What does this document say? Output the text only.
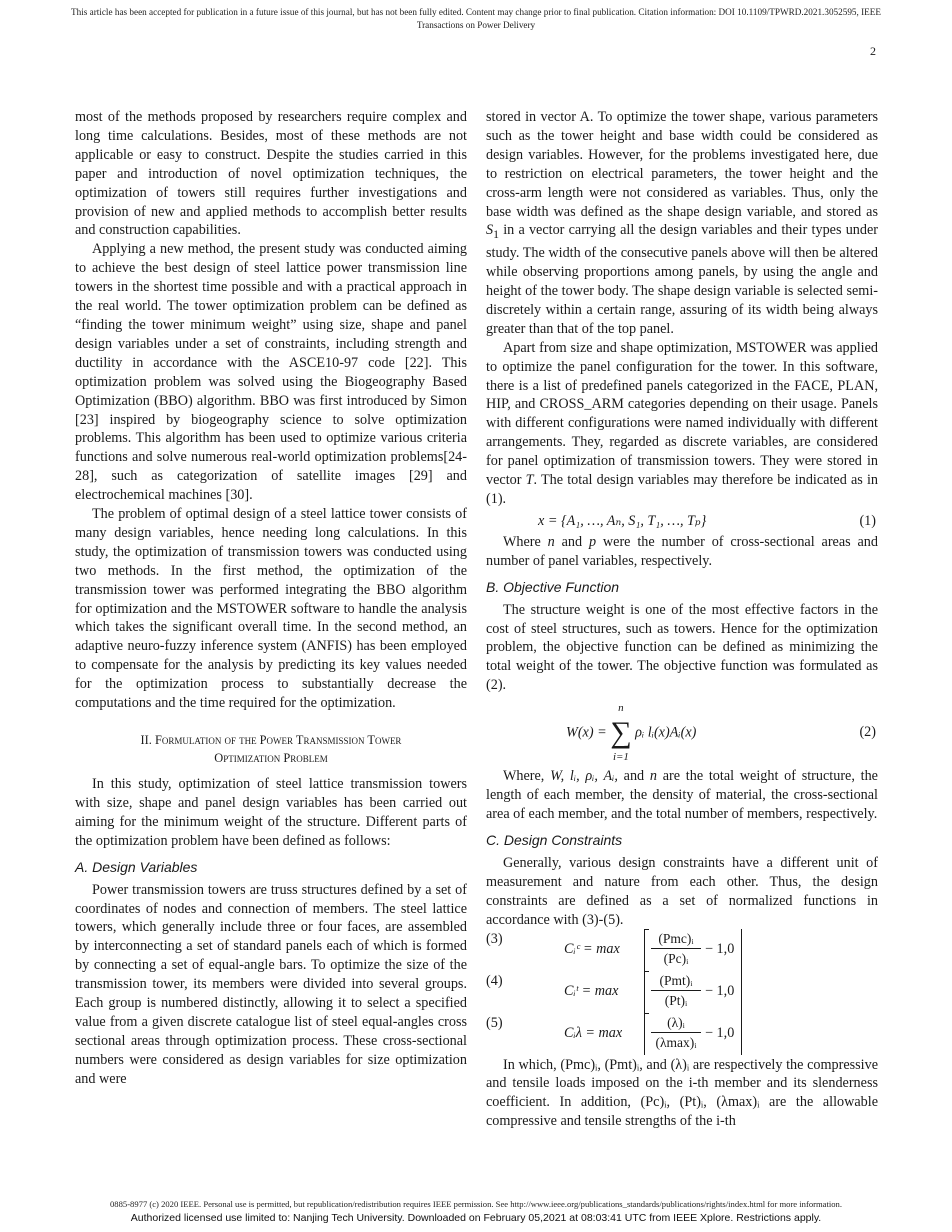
This article has been accepted for publication in a future issue of this journal, but has not been fully edited. Content may change prior to final publication. Citation information: DOI 10.1109/TPWRD.2021.3052595, IEEE
Transactions on Power Delivery
2

most of the methods proposed by researchers require complex and long time calculations. Besides, most of these methods are not applicable or easy to construct. Despite the studies carried in this paper and introduction of novel optimization techniques, the optimization of towers still requires further investigations and provision of new and applied methods to accomplish better results and construction capabilities.

Applying a new method, the present study was conducted aiming to achieve the best design of steel lattice power transmission line towers in the shortest time possible and with a practical approach in the real world. The tower optimization problem can be defined as “finding the tower minimum weight” using size, shape and panel design variables under a set of constraints, including strength and ductility in accordance with the ASCE10-97 code [22]. This optimization problem was solved using the Biogeography Based Optimization (BBO) algorithm. BBO was first introduced by Simon [23] inspired by biogeography science to solve optimization problems. This algorithm has been used to optimize various criteria functions and solve numerous real-world optimization problems[24-28], such as categorization of satellite images [29] and electrochemical machines [30].

The problem of optimal design of a steel lattice tower consists of many design variables, hence needing long calculations. In this study, the optimization of transmission towers was conducted using two methods. In the first method, the optimization of the transmission tower was performed integrating the BBO algorithm for optimization and the MSTOWER software to handle the analysis which takes the significant overall time. In the second method, an adaptive neuro-fuzzy inference system (ANFIS) has been employed to compensate for the analysis by predicting its key values needed for the optimization process to substantially decrease the computations and the time required for the optimization.

II. Formulation of the Power Transmission Tower
Optimization Problem

In this study, optimization of steel lattice transmission towers with size, shape and panel design variables has been carried out aiming for the minimum weight of the structure. Different parts of the optimization problem have been defined as follows:

A. Design Variables

Power transmission towers are truss structures defined by a set of coordinates of nodes and connection of members. The steel lattice towers, which generally include three or four faces, are assembled by interconnecting a set of standard panels each of which is formed by connecting a set of equal-angle bars. To optimize the size of the transmission tower, its members were divided into several groups. Each group is numbered distinctly, allowing it to select a specified value from a given discrete catalogue list of steel equal-angles cross sectional areas through optimization process. These cross-sectional numbers were considered as design variables for size optimization and were

stored in vector A. To optimize the tower shape, various parameters such as the tower height and base width could be considered as design variables. However, for the problems investigated here, due to restriction on electrical parameters, the tower height and the cross-arm length were not considered as variables. Thus, only the base width was defined as the shape design variable, and stored as $S_1$ in a vector carrying all the design variables and their types under study. The width of the consecutive panels above will then be altered while observing proportions among panels, by using the angle and height of the tower body. The shape design variable is selected semi-discretely within a certain range, assuring of its width being always greater than that of the top panel.

Apart from size and shape optimization, MSTOWER was applied to optimize the panel configuration for the tower. In this software, there is a list of predefined panels categorized in the FACE, PLAN, HIP, and CROSS_ARM categories depending on their usage. Panels with different configurations were named individually with different arrangements. They, regarded as discrete variables, are considered for panel optimization of transmission towers. They were stored in vector T. The total design variables may therefore be indicated as in (1).

x = {A₁, …, Aₙ, S₁, T₁, …, Tₚ}	(1)

Where n and p were the number of cross-sectional areas and number of panel variables, respectively.

B. Objective Function

The structure weight is one of the most effective factors in the cost of steel structures, such as towers. Hence for the optimization problem, the objective function can be defined as minimizing the total weight of the tower. The objective function was formulated as (2).

W(x) = n
∑
i=1 ρᵢ lᵢ(x)Aᵢ(x)	(2)

Where, W, lᵢ, ρᵢ, Aᵢ, and n are the total weight of structure, the length of each member, the density of material, the cross-sectional area of each member, and the total number of members, respectively.

C. Design Constraints

Generally, various design constraints have a different unit of measurement and nature from each other. Thus, the design constraints are defined as a set of normalized functions in accordance with (3)-(5).

Cᵢᶜ = max
(Pmc)ᵢ
(Pc)ᵢ
− 1,0
(3)
Cᵢᵗ = max
(Pmt)ᵢ
(Pt)ᵢ
− 1,0
(4)
Cᵢλ = max
(λ)ᵢ
(λmax)ᵢ
− 1,0
(5)

In which, (Pmc)ᵢ, (Pmt)ᵢ, and (λ)ᵢ are respectively the compressive and tensile loads imposed on the i-th member and its slenderness coefficient. In addition, (Pc)ᵢ, (Pt)ᵢ, (λmax)ᵢ are the allowable compressive and tensile strengths of the i-th

0885-8977 (c) 2020 IEEE. Personal use is permitted, but republication/redistribution requires IEEE permission. See http://www.ieee.org/publications_standards/publications/rights/index.html for more information.
Authorized licensed use limited to: Nanjing Tech University. Downloaded on February 05,2021 at 08:03:41 UTC from IEEE Xplore. Restrictions apply.
